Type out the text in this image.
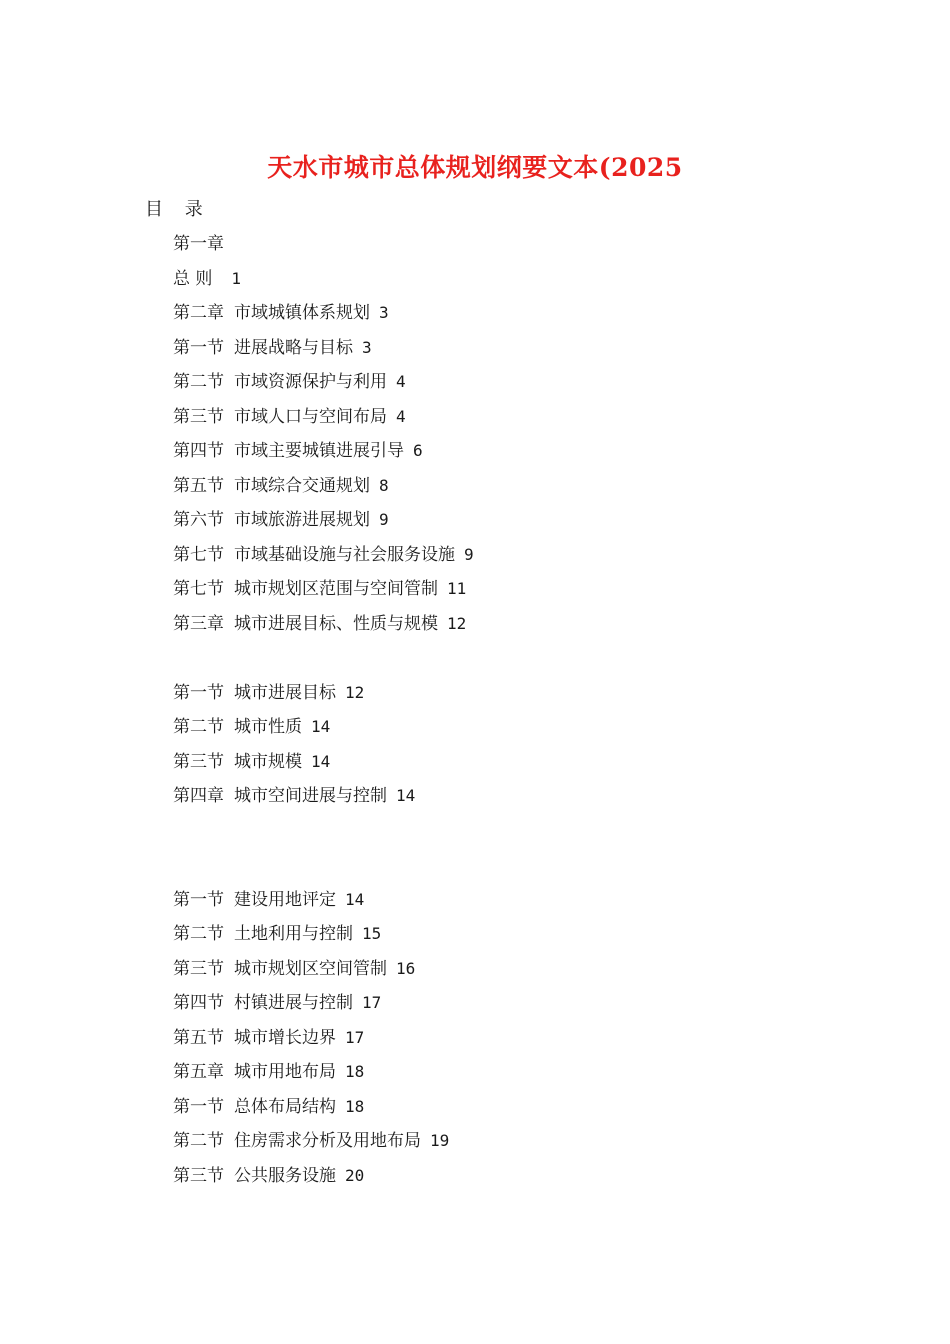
天水市城市总体规划纲要文本(2025
目 录
第一章
总 则 1
第二章 市域城镇体系规划 3
第一节 进展战略与目标 3
第二节 市域资源保护与利用 4
第三节 市域人口与空间布局 4
第四节 市域主要城镇进展引导 6
第五节 市域综合交通规划 8
第六节 市域旅游进展规划 9
第七节 市域基础设施与社会服务设施 9
第七节 城市规划区范围与空间管制 11
第三章 城市进展目标、性质与规模 12
第一节 城市进展目标 12
第二节 城市性质 14
第三节 城市规模 14
第四章 城市空间进展与控制 14
第一节 建设用地评定 14
第二节 土地利用与控制 15
第三节 城市规划区空间管制 16
第四节 村镇进展与控制 17
第五节 城市增长边界 17
第五章 城市用地布局 18
第一节 总体布局结构 18
第二节 住房需求分析及用地布局 19
第三节 公共服务设施 20
